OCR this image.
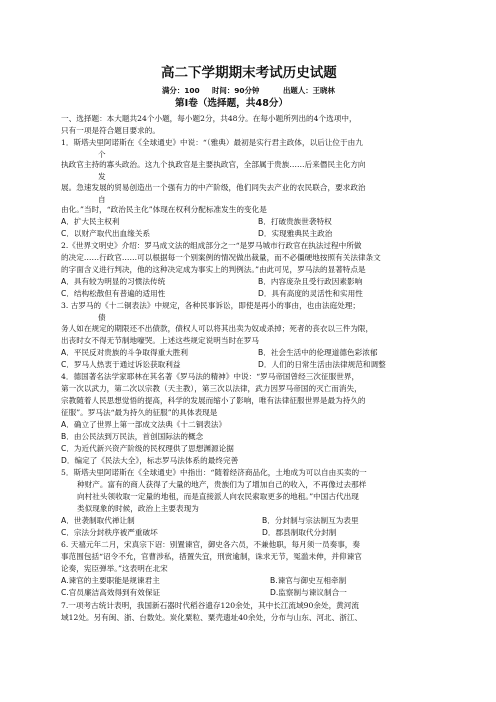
高二下学期期末考试历史试题
满分：100 时间：90分钟	出题人：王晓林
第Ⅰ卷（选择题，共48分）
一、选择题：本大题共24个小题，每小题2分，共48分。在每小题所列出的4个选项中，
只有一项是符合题目要求的。
1．斯塔夫里阿诺斯在《全球通史》中说：“（雅典）最初是实行君主政体，以后让位于由九
个
执政官主持的寡头政治。这九个执政官是主要执政官，全部属于贵族……后来僭民主化方向
发
展。急速发展的贸易创造出一个强有力的中产阶级，他们同失去产业的农民联合，要求政治
自
由化。”当时，“政治民主化”体现在权利分配标准发生的变化是
A．扩大民主权利	B．打破贵族世袭特权
C．以财产取代出血缘关系	D．实现雅典民主政治
2.《世界文明史》介绍：罗马成文法的组成部分之一“是罗马城市行政官在执法过程中所做
的决定……行政官……可以根据每一个别案例的情况做出裁量，而不必僵硬地按照有关法律条文
的字面含义进行判决，他的这种决定成为事实上的判例法。”由此可见，罗马法的显著特点是
A．具有较为明显的习惯法传统	B．内容庞杂且受行政因素影响
C．结构松散但有普遍的适用性	D．具有高度的灵活性和实用性
3. 古罗马的《十二铜表法》中规定，各种民事诉讼，即使是再小的事由，也由法庭处理；
债
务人如在规定的期限还不出债款，债权人可以将其出卖为奴或杀掉；死者的丧衣以三件为限，
出丧时女不得无节制地嚎哭。上述这些规定说明当时在罗马
A．平民反对贵族的斗争取得重大胜利	B．社会生活中的伦理道德色彩浓郁
C．罗马人热衷于通过诉讼获取利益	D．人们的日常生活由法律规范和调整
4．德国著名法学家耶林在其名著《罗马法的精神》中说：“罗马帝国曾经三次征服世界，
第一次以武力，第二次以宗教（天主教），第三次以法律，武力因罗马帝国的灭亡而消失，
宗教随着人民思想觉悟的提高，科学的发展而缩小了影响，唯有法律征服世界是最为持久的
征服”。罗马法“最为持久的征服”的具体表现是
A．确立了世界上第一部成文法典《十二铜表法》
B．由公民法到万民法，首创国际法的概念
C．为近代新兴资产阶级的民权理供了思想渊源论据
D．编定了《民法大全》，标志罗马法体系的最终完善
5．斯塔夫里阿诺斯在《全球通史》中指出：“随着经济商品化，土地成为可以自由买卖的一
种财产。富有的商人获得了大量的地产，贵族们为了增加自己的收入，不再像过去那样
向村社头领收取一定量的地租，而是直接派人向农民索取更多的地租。”中国古代出现
类似现象的时候，政治上主要表现为
A．世袭制取代禅让制	B．分封制与宗法制互为表里
C．宗法分封秩序被严重破坏	D．郡县制取代分封制
6. 天禧元年二月，宋真宗下诏：别置谏官，御史各六员，不兼他职，每月须一员奏事，奏
事范围包括“诏令不允，官曹涉私，措置失宜，刑赏逾制，诛求无节，冤滥未伸，并仰谏官
论奏，宪臣弹举。”这表明在北宋
A.谏官的主要职能是规谏君主	B.谏官与御史互相牵制
C.官员廉洁高效得到有效保证	D.监察制与谏议制合一
7.一项考古统计表明，我国新石器时代稻谷遗存120余处，其中长江流域90余处，黄河流
域12处。另有闽、浙、台数处。炭化粟粒、粟壳遗址40余处，分布与山东、河北、浙江、
